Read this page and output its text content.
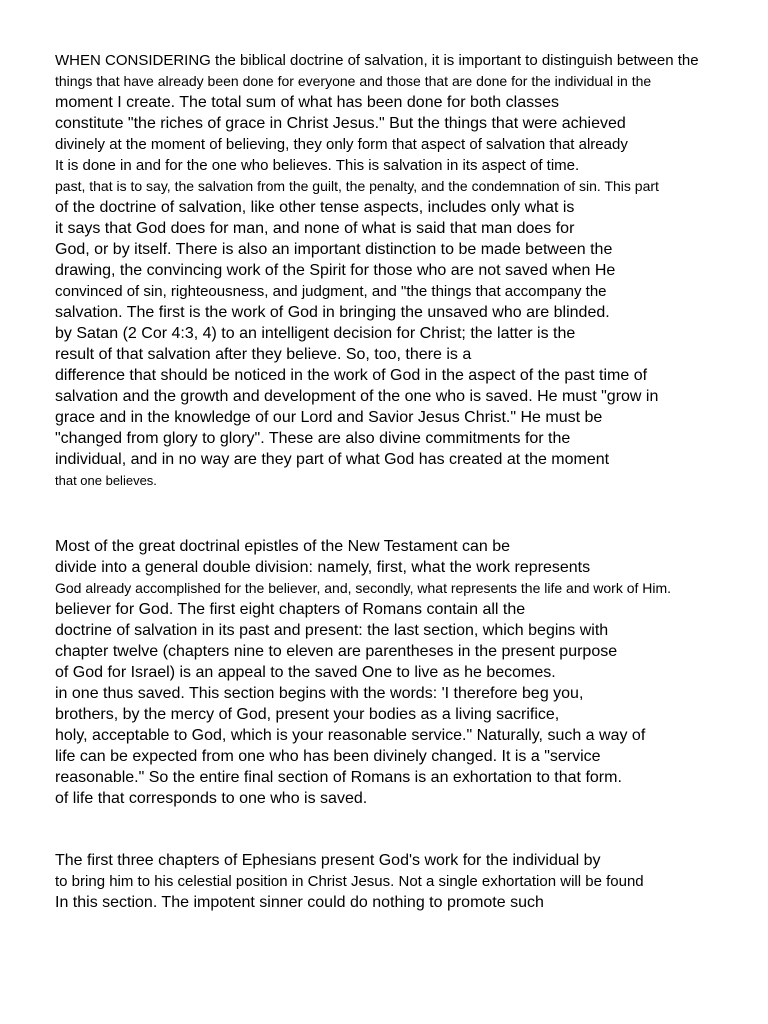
WHEN CONSIDERING the biblical doctrine of salvation, it is important to distinguish between the
things that have already been done for everyone and those that are done for the individual in the
moment I create. The total sum of what has been done for both classes
constitute "the riches of grace in Christ Jesus." But the things that were achieved
divinely at the moment of believing, they only form that aspect of salvation that already
It is done in and for the one who believes. This is salvation in its aspect of time.
past, that is to say, the salvation from the guilt, the penalty, and the condemnation of sin. This part
of the doctrine of salvation, like other tense aspects, includes only what is
it says that God does for man, and none of what is said that man does for
God, or by itself. There is also an important distinction to be made between the
drawing, the convincing work of the Spirit for those who are not saved when He
convinced of sin, righteousness, and judgment, and "the things that accompany the
salvation. The first is the work of God in bringing the unsaved who are blinded.
by Satan (2 Cor 4:3, 4) to an intelligent decision for Christ; the latter is the
result of that salvation after they believe. So, too, there is a
difference that should be noticed in the work of God in the aspect of the past time of
salvation and the growth and development of the one who is saved. He must "grow in
grace and in the knowledge of our Lord and Savior Jesus Christ." He must be
"changed from glory to glory". These are also divine commitments for the
individual, and in no way are they part of what God has created at the moment
that one believes.
Most of the great doctrinal epistles of the New Testament can be
divide into a general double division: namely, first, what the work represents
God already accomplished for the believer, and, secondly, what represents the life and work of Him.
believer for God. The first eight chapters of Romans contain all the
doctrine of salvation in its past and present: the last section, which begins with
chapter twelve (chapters nine to eleven are parentheses in the present purpose
of God for Israel) is an appeal to the saved One to live as he becomes.
in one thus saved. This section begins with the words: 'I therefore beg you,
brothers, by the mercy of God, present your bodies as a living sacrifice,
holy, acceptable to God, which is your reasonable service." Naturally, such a way of
life can be expected from one who has been divinely changed. It is a "service
reasonable." So the entire final section of Romans is an exhortation to that form.
of life that corresponds to one who is saved.
The first three chapters of Ephesians present God's work for the individual by
to bring him to his celestial position in Christ Jesus. Not a single exhortation will be found
In this section. The impotent sinner could do nothing to promote such
